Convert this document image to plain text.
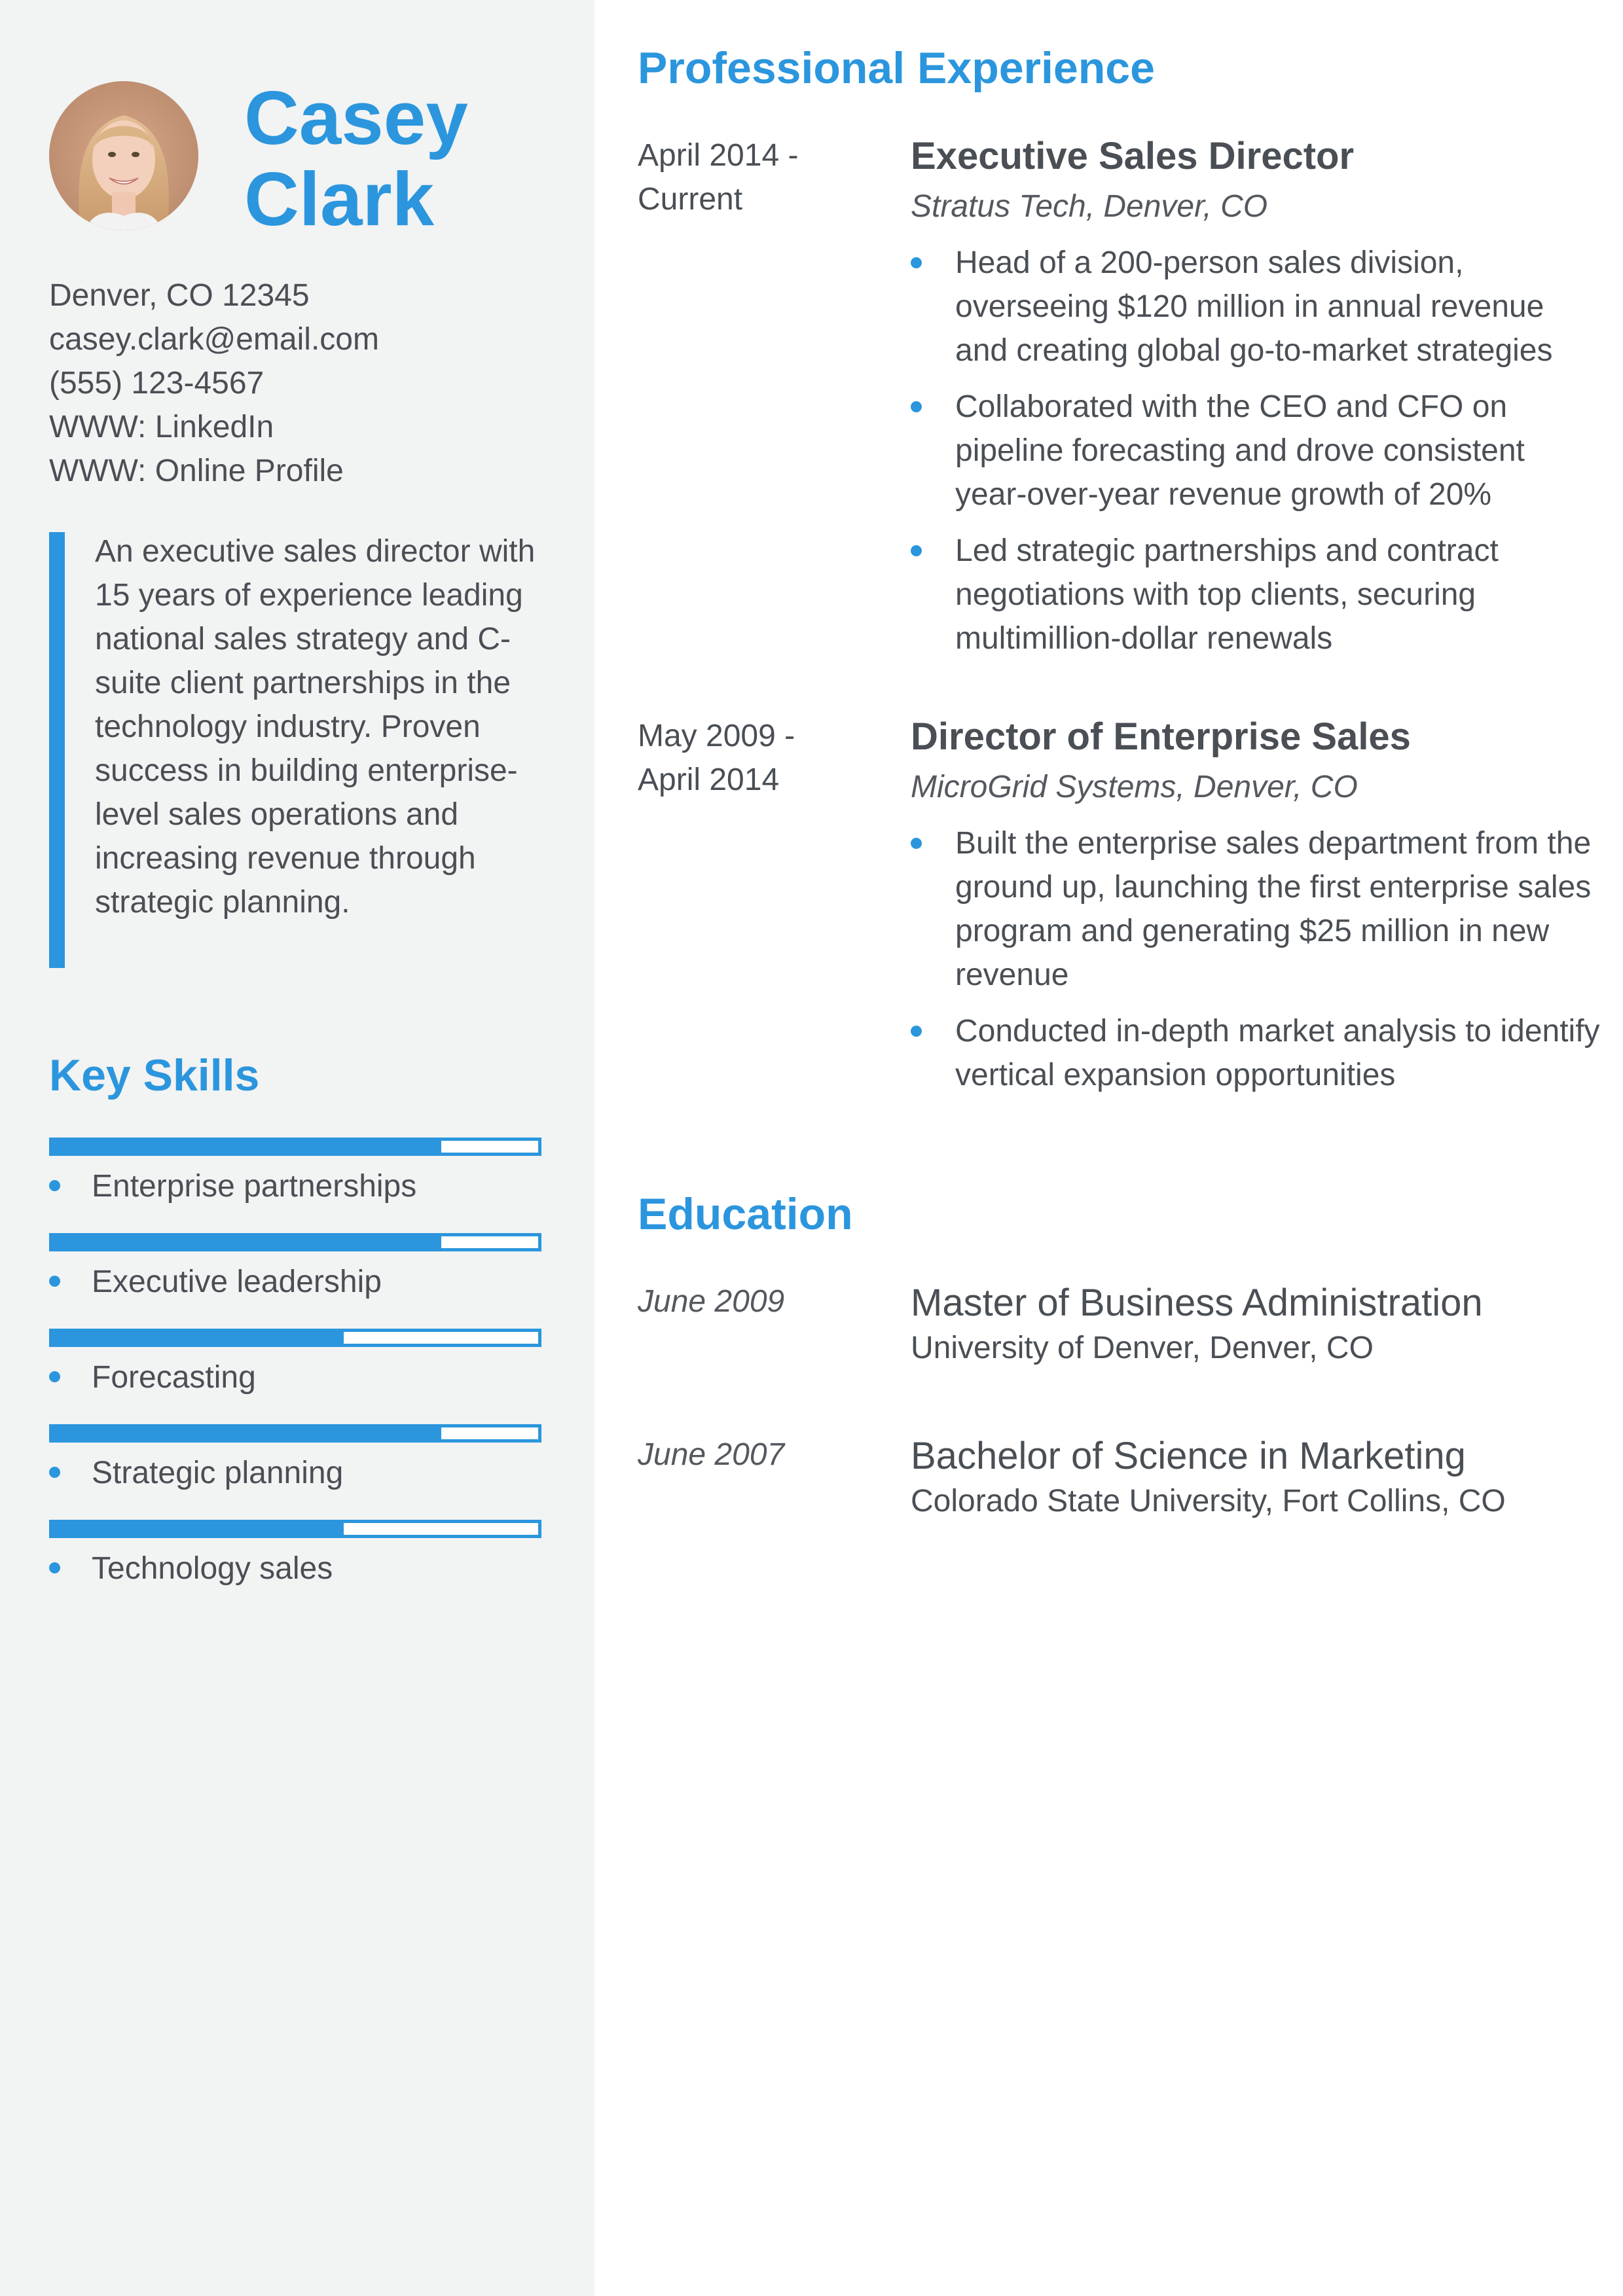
Casey
Clark
Denver, CO 12345
casey.clark@email.com
(555) 123-4567
WWW: LinkedIn
WWW: Online Profile

An executive sales director with 15 years of experience leading national sales strategy and C-suite client partnerships in the technology industry. Proven success in building enterprise-level sales operations and increasing revenue through strategic planning.

Key Skills
Enterprise partnerships
Executive leadership
Forecasting
Strategic planning
Technology sales
Professional Experience
April 2014 -
Current
Executive Sales Director
Stratus Tech, Denver, CO
Head of a 200-person sales division, overseeing $120 million in annual revenue and creating global go-to-market strategies
Collaborated with the CEO and CFO on pipeline forecasting and drove consistent year-over-year revenue growth of 20%
Led strategic partnerships and contract negotiations with top clients, securing multimillion-dollar renewals
May 2009 -
April 2014
Director of Enterprise Sales
MicroGrid Systems, Denver, CO
Built the enterprise sales department from the ground up, launching the first enterprise sales program and generating $25 million in new revenue
Conducted in-depth market analysis to identify vertical expansion opportunities
Education
June 2009	Master of Business Administration
University of Denver, Denver, CO
June 2007	Bachelor of Science in Marketing
Colorado State University, Fort Collins, CO
